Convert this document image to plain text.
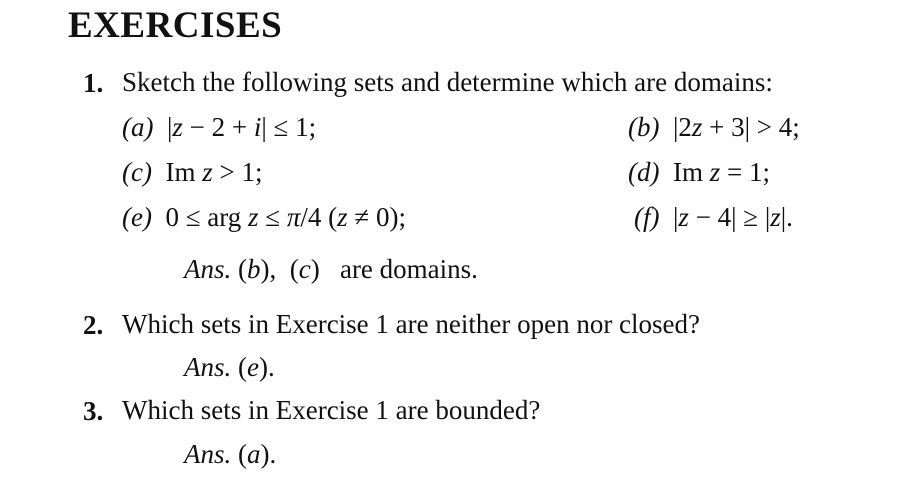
EXERCISES
1. Sketch the following sets and determine which are domains:
(a)  |z − 2 + i| ≤ 1;	(b)  |2z + 3| > 4;
(c)  Im z > 1;	(d)  Im z = 1;
(e)  0 ≤ arg z ≤ π/4 (z ≠ 0);	(f)  |z − 4| ≥ |z|.
Ans. (b),  (c)   are domains.
2. Which sets in Exercise 1 are neither open nor closed?
Ans. (e).
3. Which sets in Exercise 1 are bounded?
Ans. (a).
